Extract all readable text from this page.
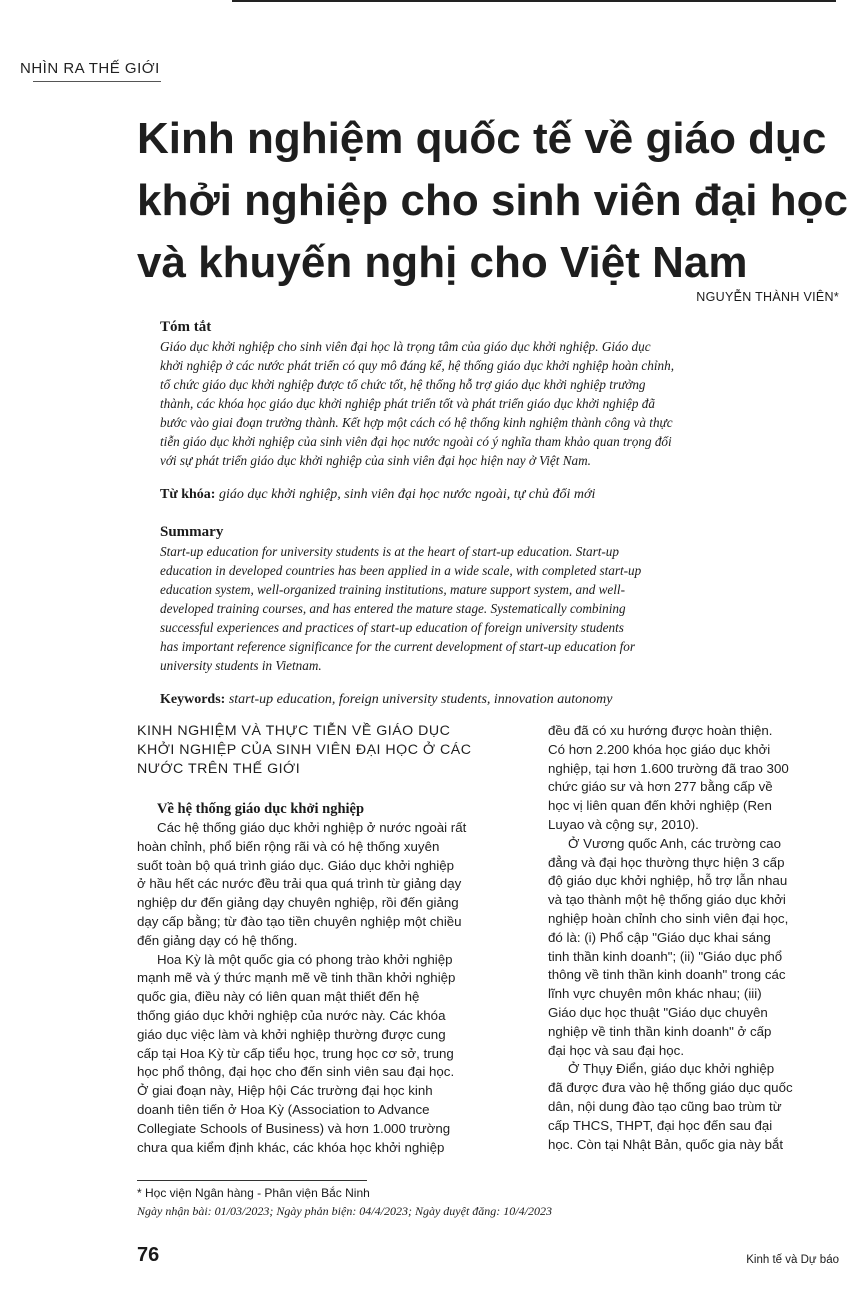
NHÌN RA THẾ GIỚI
Kinh nghiệm quốc tế về giáo dục
khởi nghiệp cho sinh viên đại học
và khuyến nghị cho Việt Nam
NGUYỄN THÀNH VIÊN*

Tóm tắt

Giáo dục khởi nghiệp cho sinh viên đại học là trọng tâm của giáo dục khởi nghiệp. Giáo dục
khởi nghiệp ở các nước phát triển có quy mô đáng kể, hệ thống giáo dục khởi nghiệp hoàn chỉnh,
tổ chức giáo dục khởi nghiệp được tổ chức tốt, hệ thống hỗ trợ giáo dục khởi nghiệp trưởng
thành, các khóa học giáo dục khởi nghiệp phát triển tốt và phát triển giáo dục khởi nghiệp đã
bước vào giai đoạn trưởng thành. Kết hợp một cách có hệ thống kinh nghiệm thành công và thực
tiễn giáo dục khởi nghiệp của sinh viên đại học nước ngoài có ý nghĩa tham khảo quan trọng đối
với sự phát triển giáo dục khởi nghiệp của sinh viên đại học hiện nay ở Việt Nam.

Từ khóa: giáo dục khởi nghiệp, sinh viên đại học nước ngoài, tự chủ đổi mới

Summary

Start-up education for university students is at the heart of start-up education. Start-up
education in developed countries has been applied in a wide scale, with completed start-up
education system, well-organized training institutions, mature support system, and well-
developed training courses, and has entered the mature stage. Systematically combining
successful experiences and practices of start-up education of foreign university students
has important reference significance for the current development of start-up education for
university students in Vietnam.

Keywords: start-up education, foreign university students, innovation autonomy

KINH NGHIỆM VÀ THỰC TIỄN VỀ GIÁO DỤC
KHỞI NGHIỆP CỦA SINH VIÊN ĐẠI HỌC Ở CÁC
NƯỚC TRÊN THẾ GIỚI

Về hệ thống giáo dục khởi nghiệp

Các hệ thống giáo dục khởi nghiệp ở nước ngoài rất
hoàn chỉnh, phổ biến rộng rãi và có hệ thống xuyên
suốt toàn bộ quá trình giáo dục. Giáo dục khởi nghiệp
ở hầu hết các nước đều trải qua quá trình từ giảng dạy
nghiệp dư đến giảng dạy chuyên nghiệp, rồi đến giảng
dạy cấp bằng; từ đào tạo tiền chuyên nghiệp một chiều
đến giảng dạy có hệ thống.

Hoa Kỳ là một quốc gia có phong trào khởi nghiệp
mạnh mẽ và ý thức mạnh mẽ về tinh thần khởi nghiệp
quốc gia, điều này có liên quan mật thiết đến hệ
thống giáo dục khởi nghiệp của nước này. Các khóa
giáo dục việc làm và khởi nghiệp thường được cung
cấp tại Hoa Kỳ từ cấp tiểu học, trung học cơ sở, trung
học phổ thông, đại học cho đến sinh viên sau đại học.
Ở giai đoạn này, Hiệp hội Các trường đại học kinh
doanh tiên tiến ở Hoa Kỳ (Association to Advance
Collegiate Schools of Business) và hơn 1.000 trường
chưa qua kiểm định khác, các khóa học khởi nghiệp

đều đã có xu hướng được hoàn thiện.
Có hơn 2.200 khóa học giáo dục khởi
nghiệp, tại hơn 1.600 trường đã trao 300
chức giáo sư và hơn 277 bằng cấp về
học vị liên quan đến khởi nghiệp (Ren
Luyao và cộng sự, 2010).

Ở Vương quốc Anh, các trường cao
đẳng và đại học thường thực hiện 3 cấp
độ giáo dục khởi nghiệp, hỗ trợ lẫn nhau
và tạo thành một hệ thống giáo dục khởi
nghiệp hoàn chỉnh cho sinh viên đại học,
đó là: (i) Phổ cập "Giáo dục khai sáng
tinh thần kinh doanh"; (ii) "Giáo dục phổ
thông về tinh thần kinh doanh" trong các
lĩnh vực chuyên môn khác nhau; (iii)
Giáo dục học thuật "Giáo dục chuyên
nghiệp về tinh thần kinh doanh" ở cấp
đại học và sau đại học.

Ở Thụy Điển, giáo dục khởi nghiệp
đã được đưa vào hệ thống giáo dục quốc
dân, nội dung đào tạo cũng bao trùm từ
cấp THCS, THPT, đại học đến sau đại
học. Còn tại Nhật Bản, quốc gia này bắt

* Học viện Ngân hàng - Phân viện Bắc Ninh
Ngày nhận bài: 01/03/2023; Ngày phản biện: 04/4/2023; Ngày duyệt đăng: 10/4/2023
76	Kinh tế và Dự báo
